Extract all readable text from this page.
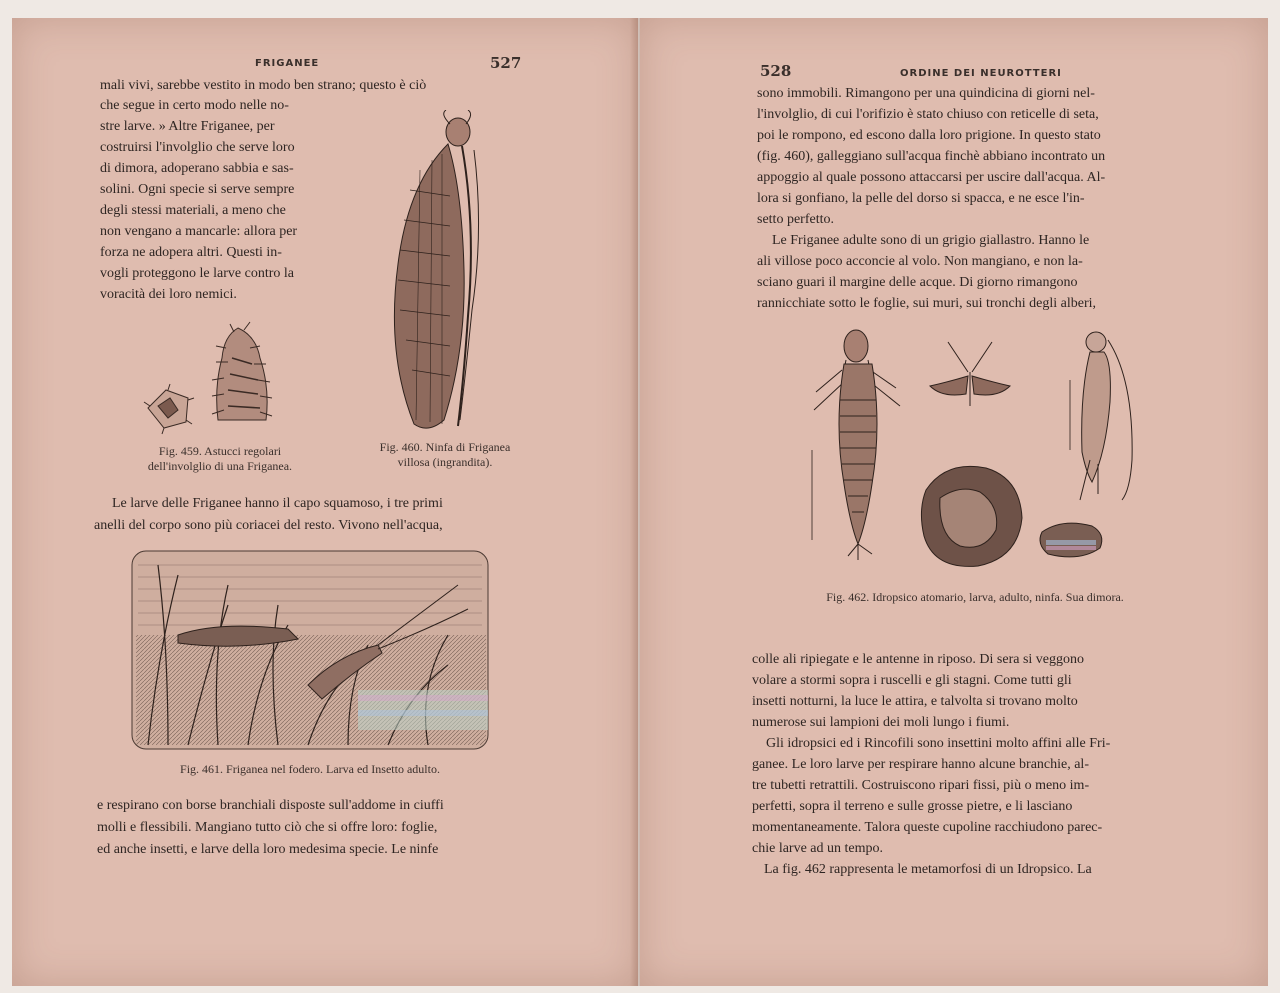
FRIGANEE	527
mali vivi, sarebbe vestito in modo ben strano; questo è ciò
che segue in certo modo nelle no-
stre larve. » Altre Friganee, per
costruirsi l'involglio che serve loro
di dimora, adoperano sabbia e sas-
solini. Ogni specie si serve sempre
degli stessi materiali, a meno che
non vengano a mancarle: allora per
forza ne adopera altri. Questi in-
vogli proteggono le larve contro la
voracità dei loro nemici.
Fig. 459. Astucci regolari
dell'involglio di una Friganea.
Fig. 460. Ninfa di Friganea
villosa (ingrandita).
Le larve delle Friganee hanno il capo squamoso, i tre primi
anelli del corpo sono più coriacei del resto. Vivono nell'acqua,
Fig. 461. Friganea nel fodero. Larva ed Insetto adulto.
e respirano con borse branchiali disposte sull'addome in ciuffi
molli e flessibili. Mangiano tutto ciò che si offre loro: foglie,
ed anche insetti, e larve della loro medesima specie. Le ninfe
528	ORDINE DEI NEUROTTERI
sono immobili. Rimangono per una quindicina di giorni nel-
l'involglio, di cui l'orifizio è stato chiuso con reticelle di seta,
poi le rompono, ed escono dalla loro prigione. In questo stato
(fig. 460), galleggiano sull'acqua finchè abbiano incontrato un
appoggio al quale possono attaccarsi per uscire dall'acqua. Al-
lora si gonfiano, la pelle del dorso si spacca, e ne esce l'in-
setto perfetto.
Le Friganee adulte sono di un grigio giallastro. Hanno le
ali villose poco acconcie al volo. Non mangiano, e non la-
sciano guari il margine delle acque. Di giorno rimangono
rannicchiate sotto le foglie, sui muri, sui tronchi degli alberi,
Fig. 462. Idropsico atomario, larva, adulto, ninfa. Sua dimora.
colle ali ripiegate e le antenne in riposo. Di sera si veggono
volare a stormi sopra i ruscelli e gli stagni. Come tutti gli
insetti notturni, la luce le attira, e talvolta si trovano molto
numerose sui lampioni dei moli lungo i fiumi.
Gli idropsici ed i Rincofili sono insettini molto affini alle Fri-
ganee. Le loro larve per respirare hanno alcune branchie, al-
tre tubetti retrattili. Costruiscono ripari fissi, più o meno im-
perfetti, sopra il terreno e sulle grosse pietre, e li lasciano
momentaneamente. Talora queste cupoline racchiudono parec-
chie larve ad un tempo.
La fig. 462 rappresenta le metamorfosi di un Idropsico. La
